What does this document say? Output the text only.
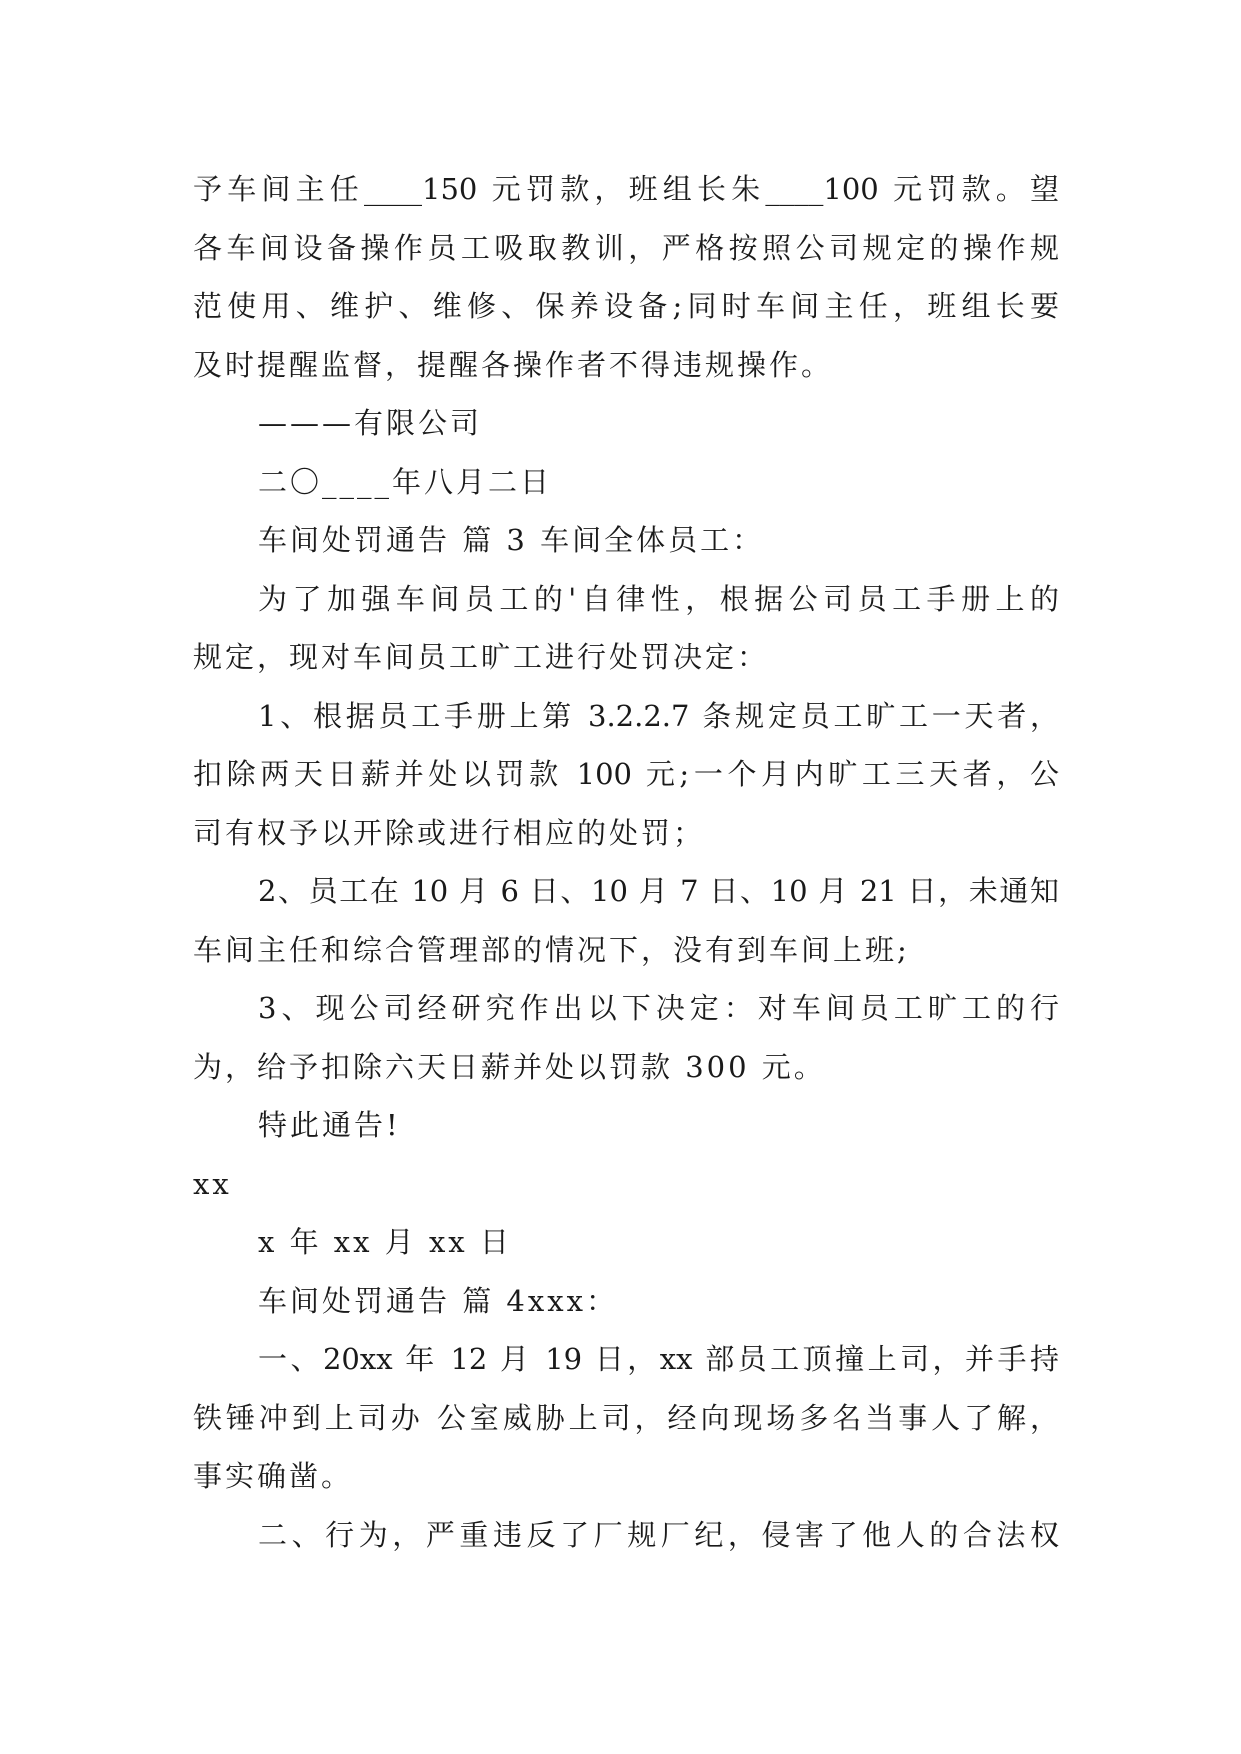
予车间主任____150 元罚款，班组长朱____100 元罚款。望
各车间设备操作员工吸取教训，严格按照公司规定的操作规
范使用、维护、维修、保养设备;同时车间主任，班组长要
及时提醒监督，提醒各操作者不得违规操作。
———有限公司
二〇____年八月二日
车间处罚通告 篇 3 车间全体员工：
为了加强车间员工的'自律性，根据公司员工手册上的
规定，现对车间员工旷工进行处罚决定：
1、根据员工手册上第 3.2.2.7 条规定员工旷工一天者，
扣除两天日薪并处以罚款 100 元;一个月内旷工三天者，公
司有权予以开除或进行相应的处罚；
2、员工在 10 月 6 日、10 月 7 日、10 月 21 日，未通知
车间主任和综合管理部的情况下，没有到车间上班;
3、现公司经研究作出以下决定：对车间员工旷工的行
为，给予扣除六天日薪并处以罚款 300 元。
特此通告!
xx
x 年 xx 月 xx 日
车间处罚通告 篇 4xxx：
一、20xx 年 12 月 19 日，xx 部员工顶撞上司，并手持
铁锤冲到上司办 公室威胁上司，经向现场多名当事人了解，
事实确凿。
二、行为，严重违反了厂规厂纪，侵害了他人的合法权
